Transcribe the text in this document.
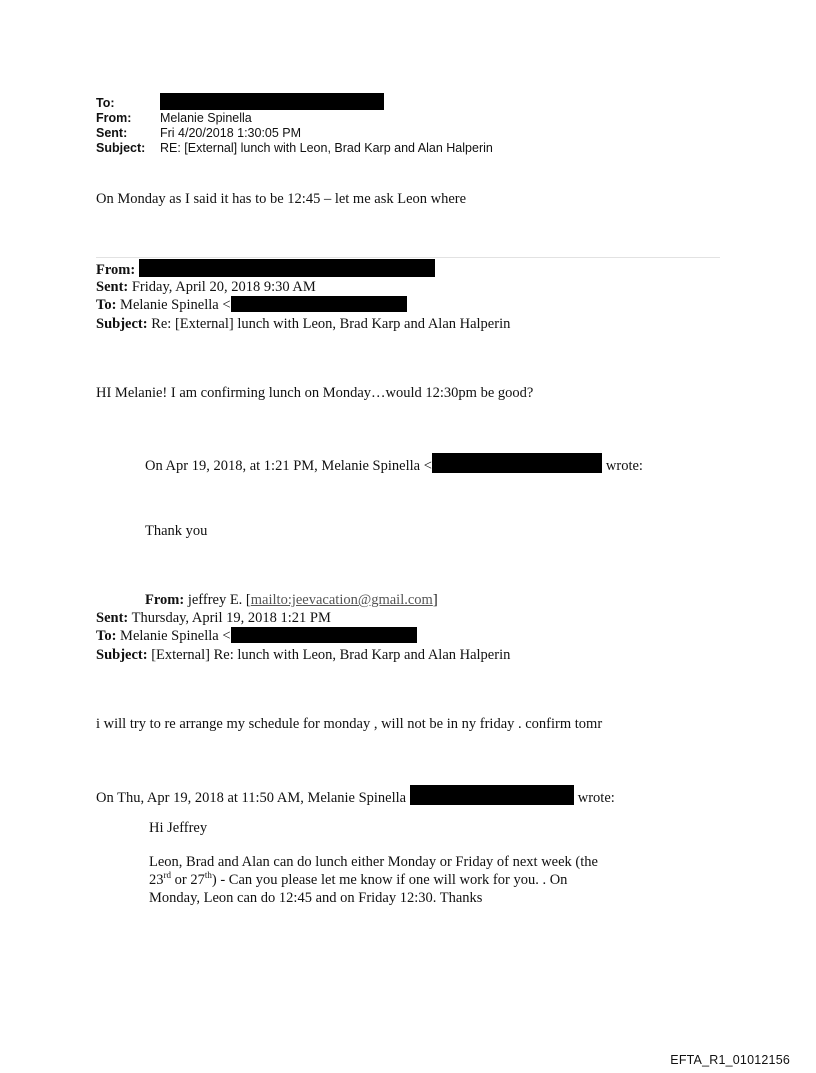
To:
From: Melanie Spinella
Sent:	Fri 4/20/2018 1:30:05 PM
Subject: RE: [External] lunch with Leon, Brad Karp and Alan Halperin
On Monday as I said it has to be 12:45 – let me ask Leon where
From:
Sent: Friday, April 20, 2018 9:30 AM
To: Melanie Spinella <
Subject: Re: [External] lunch with Leon, Brad Karp and Alan Halperin
HI Melanie! I am confirming lunch on Monday…would 12:30pm be good?
On Apr 19, 2018, at 1:21 PM, Melanie Spinella <	wrote:
Thank you
From: jeffrey E. [mailto:jeevacation@gmail.com]
Sent: Thursday, April 19, 2018 1:21 PM
To: Melanie Spinella <
Subject: [External] Re: lunch with Leon, Brad Karp and Alan Halperin
i will try to re arrange my schedule for monday , will not be in ny friday . confirm tomr
On Thu, Apr 19, 2018 at 11:50 AM, Melanie Spinella	wrote:
Hi Jeffrey
Leon, Brad and Alan can do lunch either Monday or Friday of next week (the
23rd or 27th) - Can you please let me know if one will work for you. . On
Monday, Leon can do 12:45 and on Friday 12:30. Thanks
EFTA_R1_01012156
